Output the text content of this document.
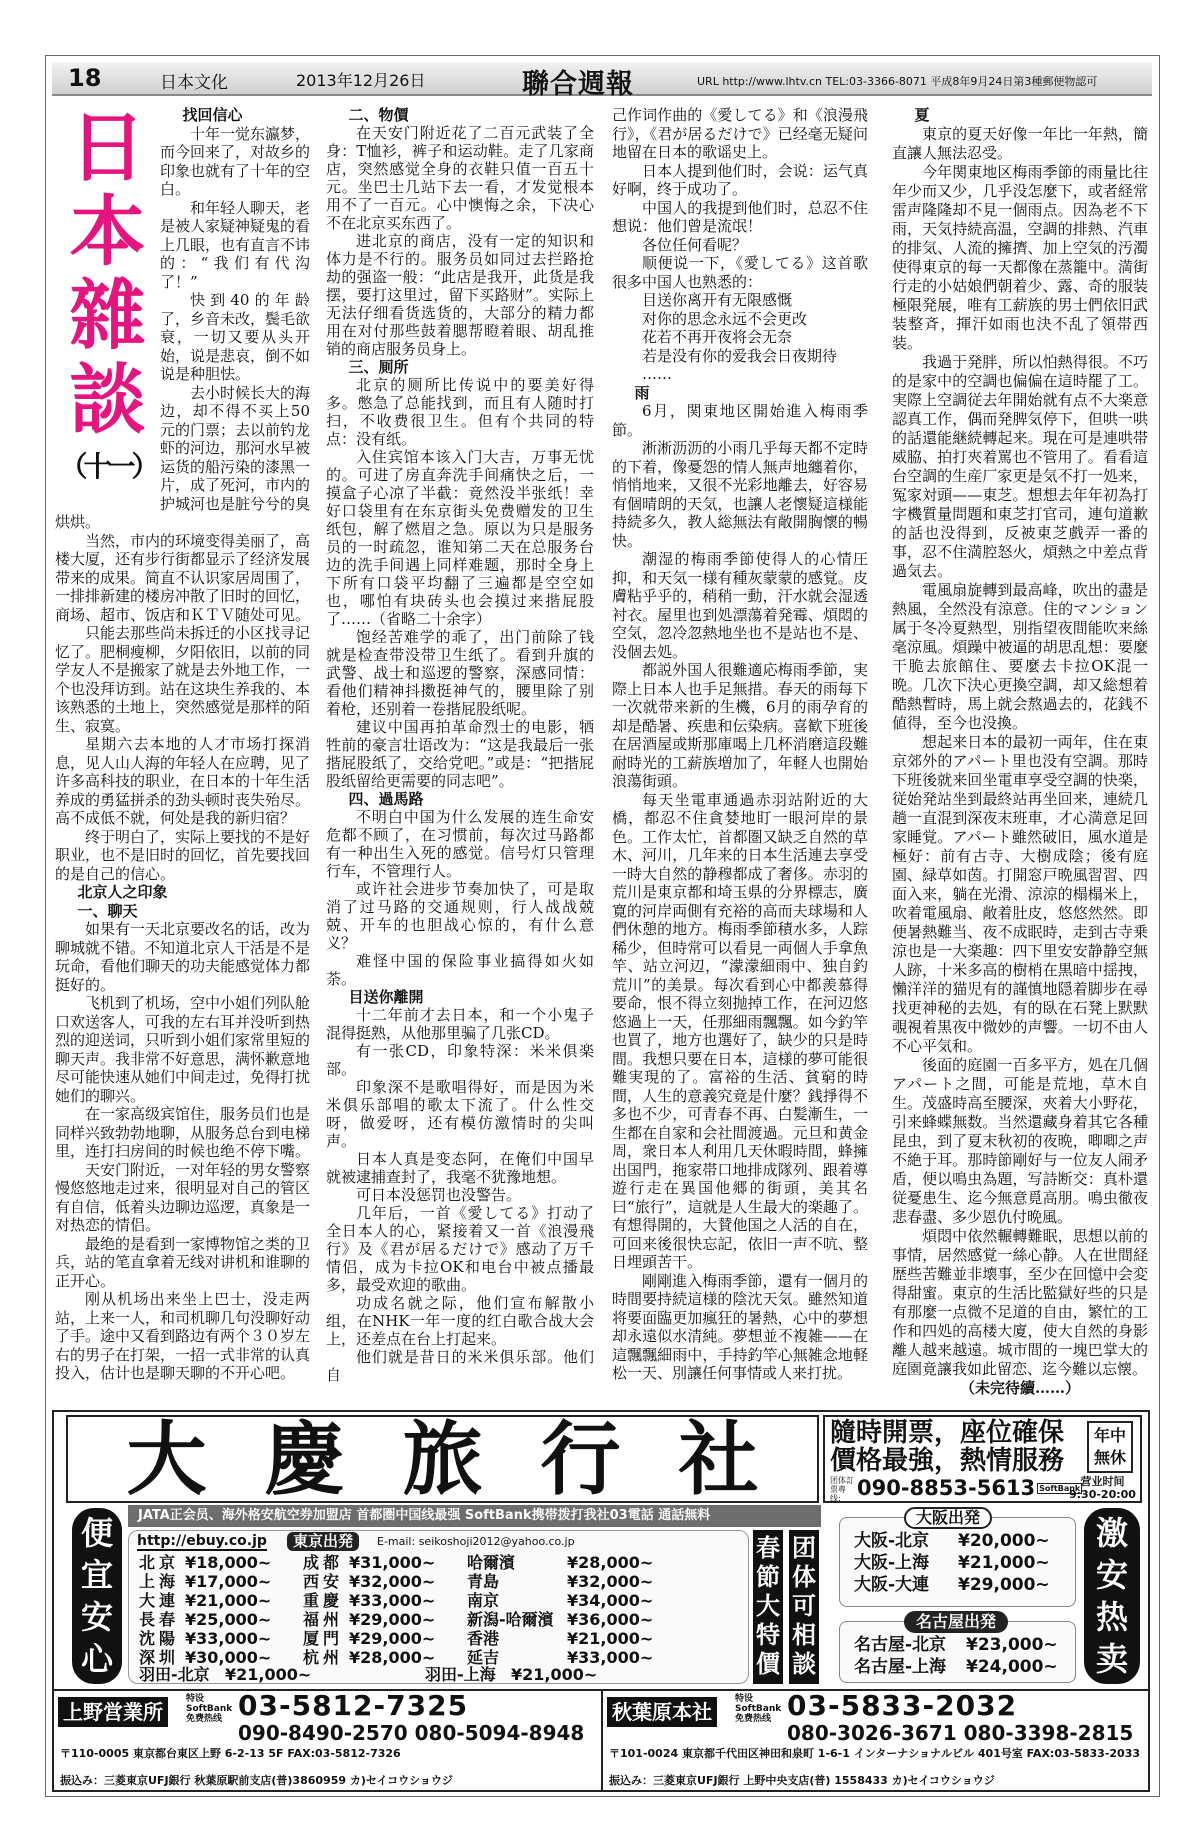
18	日本文化	2013年12月26日	聯合週報	URL http://www.lhtv.cn TEL:03-3366-8071 平成8年9月24日第3種郵便物認可
日本雜談
（十一）

找回信心

十年一觉东瀛梦，而今回来了，对故乡的印象也就有了十年的空白。

和年轻人聊天，老是被人家疑神疑鬼的看上几眼，也有直言不讳的：“我们有代沟了！”

快到40的年龄了，乡音未改，鬓毛欲衰，一切又要从头开始，说是悲哀，倒不如说是种胆怯。

去小时候长大的海边，却不得不买上50元的门票；去以前钓龙虾的河边，那河水早被运货的船污染的漆黑一片，成了死河，市内的护城河也是脏兮兮的臭烘烘。

当然，市内的环境变得美丽了，高楼大厦，还有步行街都显示了经济发展带来的成果。简直不认识家居周围了，一排排新建的楼房冲散了旧时的回忆，商场、超市、饭店和ＫＴＶ随处可见。

只能去那些尚未拆迁的小区找寻记忆了。肥桐瘦柳，夕阳依旧，以前的同学友人不是搬家了就是去外地工作，一个也没拜访到。站在这块生养我的、本该熟悉的土地上，突然感觉是那样的陌生、寂寞。

星期六去本地的人才市场打探消息，见人山人海的年轻人在应聘，见了许多高科技的职业，在日本的十年生活养成的勇猛拼杀的劲头顿时丧失殆尽。高不成低不就，何处是我的新归宿？

终于明白了，实际上要找的不是好职业，也不是旧时的回忆，首先要找回的是自己的信心。

北京人之印象

一、聊天

如果有一天北京要改名的话，改为聊城就不错。不知道北京人干活是不是玩命，看他们聊天的功夫能感觉体力都挺好的。

飞机到了机场，空中小姐们列队舱口欢送客人，可我的左右耳并没听到热烈的迎送词，只听到小姐们家常里短的聊天声。我非常不好意思，满怀歉意地尽可能快速从她们中间走过，免得打扰她们的聊兴。

在一家高级宾馆住，服务员们也是同样兴致勃勃地聊，从服务总台到电梯里，连打扫房间的时候也绝不停下嘴。

天安门附近，一对年轻的男女警察慢悠悠地走过来，很明显对自己的管区有自信，低着头边聊边巡逻，真象是一对热恋的情侣。

最绝的是看到一家博物馆之类的卫兵，站的笔直拿着无线对讲机和谁聊的正开心。

刚从机场出来坐上巴士，没走两站，上来一人，和司机聊几句没聊好动了手。途中又看到路边有两个３０岁左右的男子在打架，一招一式非常的认真投入，估计也是聊天聊的不开心吧。

二、物價

在天安门附近花了二百元武装了全身：T恤衫，裤子和运动鞋。走了几家商店，突然感觉全身的衣鞋只值一百五十元。坐巴士几站下去一看，才发觉根本用不了一百元。心中懊悔之余，下决心不在北京买东西了。

进北京的商店，没有一定的知识和体力是不行的。服务员如同过去拦路抢劫的强盗一般：“此店是我开，此货是我摆，要打这里过，留下买路财”。实际上无法仔细看货选货的，大部分的精力都用在对付那些鼓着腮帮瞪着眼、胡乱推销的商店服务员身上。

三、厠所

北京的厕所比传说中的要美好得多。憋急了总能找到，而且有人随时打扫，不收费很卫生。但有个共同的特点：没有纸。

入住宾馆本该入门大吉，万事无忧的。可进了房直奔洗手间痛快之后，一摸盒子心凉了半截：竟然没半张纸！幸好口袋里有在东京街头免费赠发的卫生纸包，解了燃眉之急。原以为只是服务员的一时疏忽，谁知第二天在总服务台边的洗手间遇上同样难题，那时全身上下所有口袋平均翻了三遍都是空空如也，哪怕有块砖头也会摸过来揩屁股了……（省略二十余字）

饱经苦难学的乖了，出门前除了钱就是检查带没带卫生纸了。看到升旗的武警、战士和巡逻的警察，深感同情：看他们精神抖擞挺神气的，腰里除了别着枪，还别着一卷揩屁股纸呢。

建议中国再拍革命烈士的电影，牺牲前的豪言壮语改为：“这是我最后一张揩屁股纸了，交给党吧。”或是：“把揩屁股纸留给更需要的同志吧”。

四、過馬路

不明白中国为什么发展的连生命安危都不顾了，在习惯前，每次过马路都有一种出生入死的感觉。信号灯只管理行车，不管理行人。

或许社会进步节奏加快了，可是取消了过马路的交通规则，行人战战兢兢、开车的也胆战心惊的，有什么意义？

难怪中国的保险事业搞得如火如荼。

目送你離開

十二年前才去日本，和一个小鬼子混得挺熟，从他那里骗了几张CD。

有一张CD，印象特深：米米俱楽部。

印象深不是歌唱得好，而是因为米米俱乐部唱的歌太下流了。什么性交呀，做爱呀，还有模仿激情时的尖叫声。

日本人真是变态阿，在俺们中国早就被逮捕查封了，我毫不犹豫地想。

可日本没惩罚也没警告。

几年后，一首《愛してる》打动了全日本人的心，紧接着又一首《浪漫飛行》及《君が居るだけで》感动了万千情侣，成为卡拉OK和电台中被点播最多，最受欢迎的歌曲。

功成名就之际，他们宣布解散小组，在NHK一年一度的红白歌合战大会上，还差点在台上打起来。

他们就是昔日的米米俱乐部。他们自

己作词作曲的《愛してる》和《浪漫飛行》，《君が居るだけで》已经毫无疑问地留在日本的歌谣史上。

日本人提到他们时，会说：运气真好啊，终于成功了。

中国人的我提到他们时，总忍不住想说：他们曾是流氓！

各位任何看呢？

顺便说一下，《愛してる》这首歌很多中国人也熟悉的：

目送你离开有无限感慨

对你的思念永远不会更改

花若不再开夜将会无奈

若是没有你的爱我会日夜期待

……

雨

6月，関東地区開始進入梅雨季節。

淅淅沥沥的小雨几乎每天都不定時的下着，像憂怨的情人無声地纏着你，悄悄地来，又很不光彩地離去，好容易有個晴朗的天気，也讓人老懷疑這様能持続多久，教人総無法有敞開胸懷的暢快。

潮湿的梅雨季節使得人的心情圧抑，和天気一様有種灰蒙蒙的感覚。皮膚粘乎乎的，稍稍一動，汗水就会湿透衬衣。屋里也到処漂蕩着発霉、煩悶的空気，忽冷忽熱地坐也不是站也不是、没個去処。

都説外国人很難適応梅雨季節，実際上日本人也手足無措。春天的雨每下一次就带来新的生機，6月的雨孕育的却是酷暑、疾患和伝染病。喜歓下班後在居酒屋或斯那庫喝上几杯消磨這段難耐時光的工薪族増加了，年軽人也開始浪蕩街頭。

每天坐電車通過赤羽站附近的大橋，都忍不住貪婪地盯一眼河岸的景色。工作太忙，首都圏又缺乏自然的草木、河川，几年来的日本生活連去享受一時大自然的静穆都成了奢侈。赤羽的荒川是東京都和埼玉県的分界標志，廣寛的河岸両側有充裕的高而夫球場和人們休憩的地方。梅雨季節積水多，人踪稀少，但時常可以看見一両個人手拿魚竿、站立河辺，“濛濛細雨中、独自釣荒川”的美景。每次看到心中都羨慕得要命，恨不得立刻抛掉工作，在河辺悠悠過上一天，任那細雨飄飄。如今釣竿也買了，地方也選好了，缺少的只是時間。我想只要在日本，這様的夢可能很難実現的了。富裕的生活、貧窮的時間，人生的意義究竟是什麼？銭掙得不多也不少，可青春不再、白髪漸生，一生都在自家和会社間渡過。元旦和黄金周，衆日本人利用几天休暇時間，蜂擁出国門，拖家帯口地排成隊列、跟着導遊行走在異国他郷的街頭，美其名曰“旅行”，這就是人生最大的楽趣了。有想得開的，大賛他国之人活的自在，可回来後很快忘記，依旧一声不吭、整日埋頭苦干。

剛剛進入梅雨季節，還有一個月的時間要持続這様的陰沈天気。雖然知道将要面臨更加瘋狂的暑熱，心中的夢想却永遠似水清純。夢想並不複雑——在這飄飄細雨中，手持釣竿心無雑念地軽松一天、別讓任何事情或人来打扰。

夏

東京的夏天好像一年比一年熱，簡直讓人無法忍受。

今年関東地区梅雨季節的雨量比往年少而又少，几乎没怎麼下，或者経常雷声隆隆却不見一個雨点。因為老不下雨，天気持続高温，空調的排熱、汽車的排気、人流的擁擠、加上空気的汚濁使得東京的每一天都像在蒸籠中。満街行走的小姑娘們朝着少、露、奇的服装極限発展，唯有工薪族的男士們依旧武装整斉，揮汗如雨也決不乱了領帯西装。

我過于発胖，所以怕熱得很。不巧的是家中的空調也偏偏在這時罷了工。実際上空調従去年開始就有点不大楽意認真工作，偶而発脾気停下，但哄一哄的話還能継続轉起来。現在可是連哄帯威脇、拍打夾着罵也不管用了。看看這台空調的生産厂家更是気不打一処来，冤家対頭——東芝。想想去年年初為打字機質量問題和東芝打官司，連句道歉的話也没得到，反被東芝戲弄一番的事，忍不住満腔怒火，煩熱之中差点背過気去。

電風扇旋轉到最高峰，吹出的盡是熱風，全然没有涼意。住的マンション属于冬冷夏熱型，別指望夜間能吹来絲毫涼風。煩躁中被逼的胡思乱想：要麼干脆去旅館住、要麼去卡拉OK混一晩。几次下決心更換空調，却又総想着酷熱暫時，馬上就会熬過去的，花銭不値得，至今也没換。

想起来日本的最初一両年，住在東京郊外的アパート里也没有空調。那時下班後就来回坐電車享受空調的快楽，従始発站坐到最終站再坐回来，連続几趟一直混到深夜末班車，才心満意足回家睡覚。アパート雖然破旧，風水道是極好：前有古寺、大樹成陰；後有庭園、緑草如茵。打開窓戸晩風習習、四面入来，躺在光滑、涼涼的榻榻米上，吹着電風扇、敞着肚皮，悠悠然然。即便暑熱難当、夜不成眠時，走到古寺乗涼也是一大楽趣：四下里安安静静空無人跡，十米多高的樹梢在黒暗中揺拽，懶洋洋的猫児有的謹慎地隠着脚步在尋找更神秘的去処，有的臥在石凳上默默覗視着黒夜中微妙的声響。一切不由人不心平気和。

後面的庭園一百多平方，処在几個アパート之間，可能是荒地，草木自生。茂盛時高至腰深，夾着大小野花，引来蜂蝶無数。当然還藏身着其它各種昆虫，到了夏末秋初的夜晩，唧唧之声不絶于耳。那時節剛好与一位友人闹矛盾，便以鳴虫為題，写詩断交：真朴還従憂患生、迄今無意覓高朋。鳴虫徹夜悲春盡、多少恩仇付晩風。

煩悶中依然輾轉難眠，思想以前的事情，居然感覚一絲心静。人在世間経歴些苦難並非壊事，至少在回憶中会変得甜蜜。東京的生活比監獄好些的只是有那麼一点微不足道的自由，繁忙的工作和四処的高楼大廈，使大自然的身影離人越来越遠。城市間的一塊巴掌大的庭園竟讓我如此留恋、迄今難以忘懐。

（未完待續……）

大慶旅行社 隨時開票，座位確保
價格最強，熱情服務
年中無休
团体訂票專线: 090-8853-5613 SoftBank
营业时间
9:30-20:00
便宜安心
JATA正会员、海外格安航空券加盟店 首都圏中国线最强 SoftBank携帯拨打我社03電話 通話無料
http://ebuy.co.jp	東京出発	E-mail: seikoshoji2012@yahoo.co.jp
北京 ¥18,000~	成都 ¥31,000~	哈爾濱	¥28,000~
上海 ¥17,000~	西安 ¥32,000~	青島	¥32,000~
大連 ¥21,000~	重慶 ¥33,000~	南京	¥34,000~
長春 ¥25,000~	福州 ¥29,000~	新潟-哈爾濱 ¥36,000~
沈陽 ¥33,000~	厦門 ¥29,000~	香港	¥21,000~
深圳 ¥30,000~	杭州 ¥28,000~	延吉	¥33,000~
羽田-北京 ¥21,000~	羽田-上海 ¥21,000~
春節大特價
团体可相談
大阪出発
大阪-北京 ¥20,000~
大阪-上海 ¥21,000~
大阪-大連 ¥29,000~
名古屋出発
名古屋-北京 ¥23,000~
名古屋-上海 ¥24,000~
激安热卖
上野営業所
特设 SoftBank 免费热线 03-5812-7325
090-8490-2570 080-5094-8948
〒110-0005 東京都台東区上野 6-2-13 5F FAX:03-5812-7326
振込み：三菱東京UFJ銀行 秋葉原駅前支店(普)3860959 カ)セイコウショウジ
秋葉原本社
特设 SoftBank 免费热线 03-5833-2032
080-3026-3671 080-3398-2815
〒101-0024 東京都千代田区神田和泉町 1-6-1 インターナショナルビル 401号室 FAX:03-5833-2033
振込み：三菱東京UFJ銀行 上野中央支店(普) 1558433 カ)セイコウショウジ
